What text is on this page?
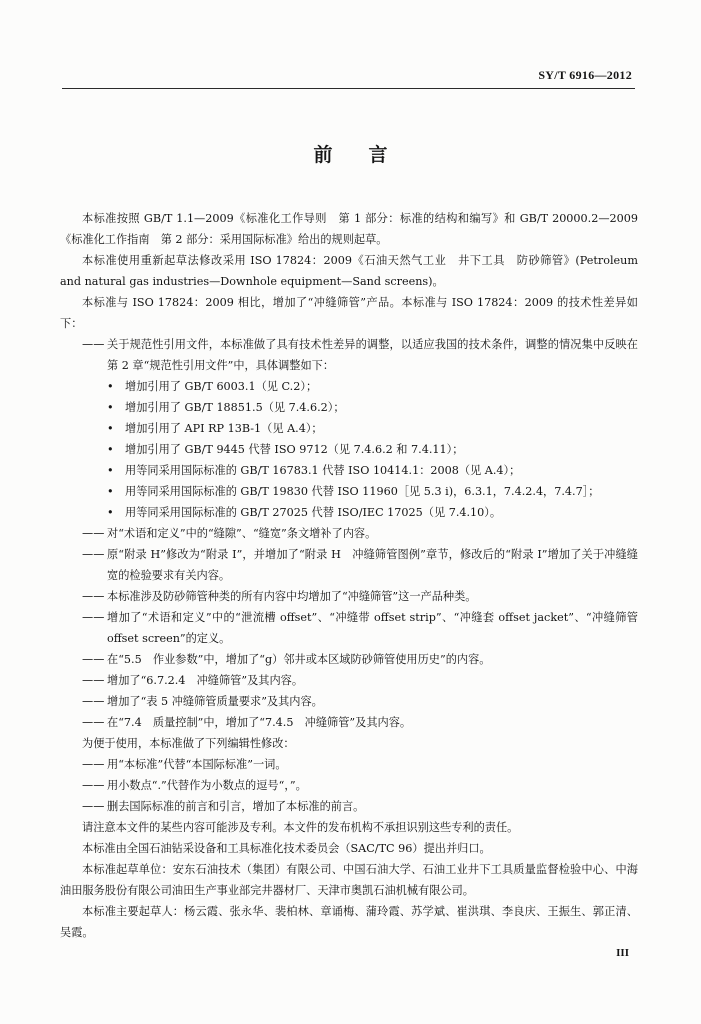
SY/T 6916—2012
前言

本标准按照 GB/T 1.1—2009《标准化工作导则　第 1 部分：标准的结构和编写》和 GB/T 20000.2—2009《标准化工作指南　第 2 部分：采用国际标准》给出的规则起草。

本标准使用重新起草法修改采用 ISO 17824：2009《石油天然气工业　井下工具　防砂筛管》(Petroleum and natural gas industries—Downhole equipment—Sand screens)。

本标准与 ISO 17824：2009 相比，增加了“冲缝筛管”产品。本标准与 ISO 17824：2009 的技术性差异如下：

—— 关于规范性引用文件，本标准做了具有技术性差异的调整，以适应我国的技术条件，调整的情况集中反映在第 2 章“规范性引用文件”中，具体调整如下：
• 增加引用了 GB/T 6003.1（见 C.2）；
• 增加引用了 GB/T 18851.5（见 7.4.6.2）；
• 增加引用了 API RP 13B-1（见 A.4）；
• 增加引用了 GB/T 9445 代替 ISO 9712（见 7.4.6.2 和 7.4.11）；
• 用等同采用国际标准的 GB/T 16783.1 代替 ISO 10414.1：2008（见 A.4）；
• 用等同采用国际标准的 GB/T 19830 代替 ISO 11960［见 5.3 i)，6.3.1，7.4.2.4，7.4.7］；
• 用等同采用国际标准的 GB/T 27025 代替 ISO/IEC 17025（见 7.4.10）。
—— 对“术语和定义”中的“缝隙”、“缝宽”条文增补了内容。
—— 原“附录 H”修改为“附录 I”，并增加了“附录 H　冲缝筛管图例”章节，修改后的“附录 I”增加了关于冲缝缝宽的检验要求有关内容。
—— 本标准涉及防砂筛管种类的所有内容中均增加了“冲缝筛管”这一产品种类。
—— 增加了“术语和定义”中的“泄流槽 offset”、“冲缝带 offset strip”、“冲缝套 offset jacket”、“冲缝筛管 offset screen”的定义。
—— 在“5.5　作业参数”中，增加了“g）邻井或本区域防砂筛管使用历史”的内容。
—— 增加了“6.7.2.4　冲缝筛管”及其内容。
—— 增加了“表 5 冲缝筛管质量要求”及其内容。
—— 在“7.4　质量控制”中，增加了“7.4.5　冲缝筛管”及其内容。

为便于使用，本标准做了下列编辑性修改：

—— 用“本标准”代替“本国际标准”一词。
—— 用小数点“.”代替作为小数点的逗号“，”。
—— 删去国际标准的前言和引言，增加了本标准的前言。

请注意本文件的某些内容可能涉及专利。本文件的发布机构不承担识别这些专利的责任。

本标准由全国石油钻采设备和工具标准化技术委员会（SAC/TC 96）提出并归口。

本标准起草单位：安东石油技术（集团）有限公司、中国石油大学、石油工业井下工具质量监督检验中心、中海油田服务股份有限公司油田生产事业部完井器材厂、天津市奥凯石油机械有限公司。

本标准主要起草人：杨云霞、张永华、裴柏林、章诵梅、蒲玲霞、苏学斌、崔洪琪、李良庆、王振生、郭正清、吴霞。

III
